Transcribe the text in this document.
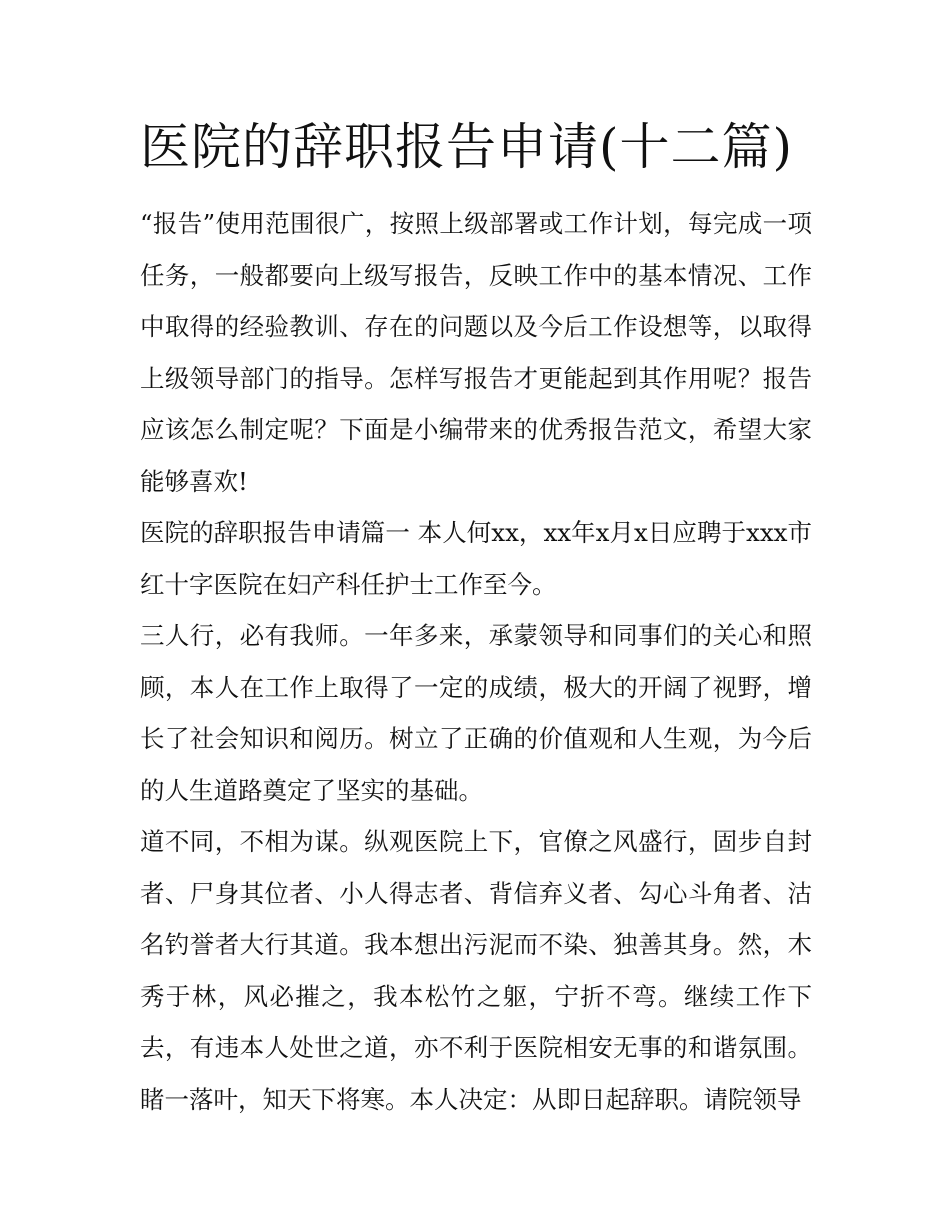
医院的辞职报告申请(十二篇)

“报告”使用范围很广，按照上级部署或工作计划，每完成一项任务，一般都要向上级写报告，反映工作中的基本情况、工作中取得的经验教训、存在的问题以及今后工作设想等，以取得上级领导部门的指导。怎样写报告才更能起到其作用呢？报告应该怎么制定呢？下面是小编带来的优秀报告范文，希望大家能够喜欢!

医院的辞职报告申请篇一 本人何xx，xx年x月x日应聘于xxx市红十字医院在妇产科任护士工作至今。

三人行，必有我师。一年多来，承蒙领导和同事们的关心和照顾，本人在工作上取得了一定的成绩，极大的开阔了视野，增长了社会知识和阅历。树立了正确的价值观和人生观，为今后的人生道路奠定了坚实的基础。

道不同，不相为谋。纵观医院上下，官僚之风盛行，固步自封者、尸身其位者、小人得志者、背信弃义者、勾心斗角者、沽名钓誉者大行其道。我本想出污泥而不染、独善其身。然，木秀于林，风必摧之，我本松竹之躯，宁折不弯。继续工作下去，有违本人处世之道，亦不利于医院相安无事的和谐氛围。睹一落叶，知天下将寒。本人决定：从即日起辞职。请院领导
